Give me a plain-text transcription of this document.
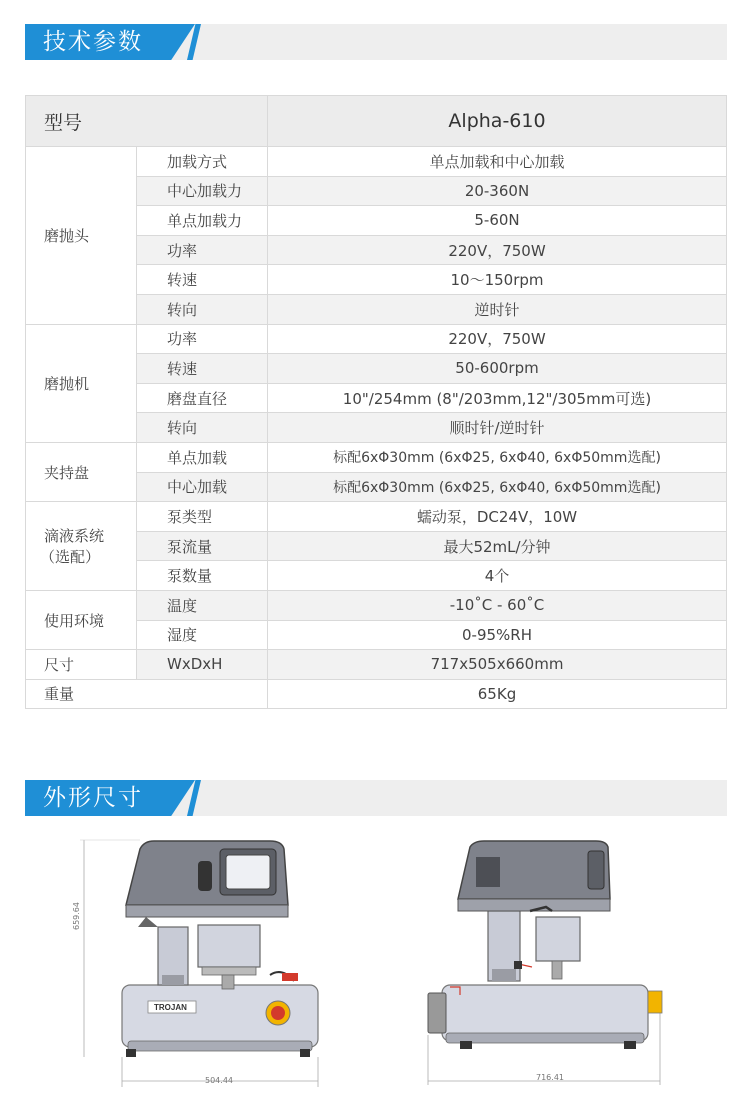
技术参数
型号		Alpha-610
磨抛头	加载方式	单点加载和中心加载
	中心加载力	20-360N
	单点加载力	5-60N
	功率	220V，750W
	转速	10～150rpm
	转向	逆时针
磨抛机	功率	220V，750W
	转速	50-600rpm
	磨盘直径	10"/254mm (8"/203mm,12"/305mm可选)
	转向	顺时针/逆时针
夹持盘	单点加载	标配6xΦ30mm (6xΦ25, 6xΦ40, 6xΦ50mm选配)
	中心加载	标配6xΦ30mm (6xΦ25, 6xΦ40, 6xΦ50mm选配)

滴液系统
（选配）	泵类型	蠕动泵，DC24V，10W
	泵流量	最大52mL/分钟
	泵数量	4个
使用环境	温度	-10˚C - 60˚C
	湿度	0-95%RH
尺寸	WxDxH	717x505x660mm
重量		65Kg
外形尺寸
TROJAN
659.64
504.44	716.41
